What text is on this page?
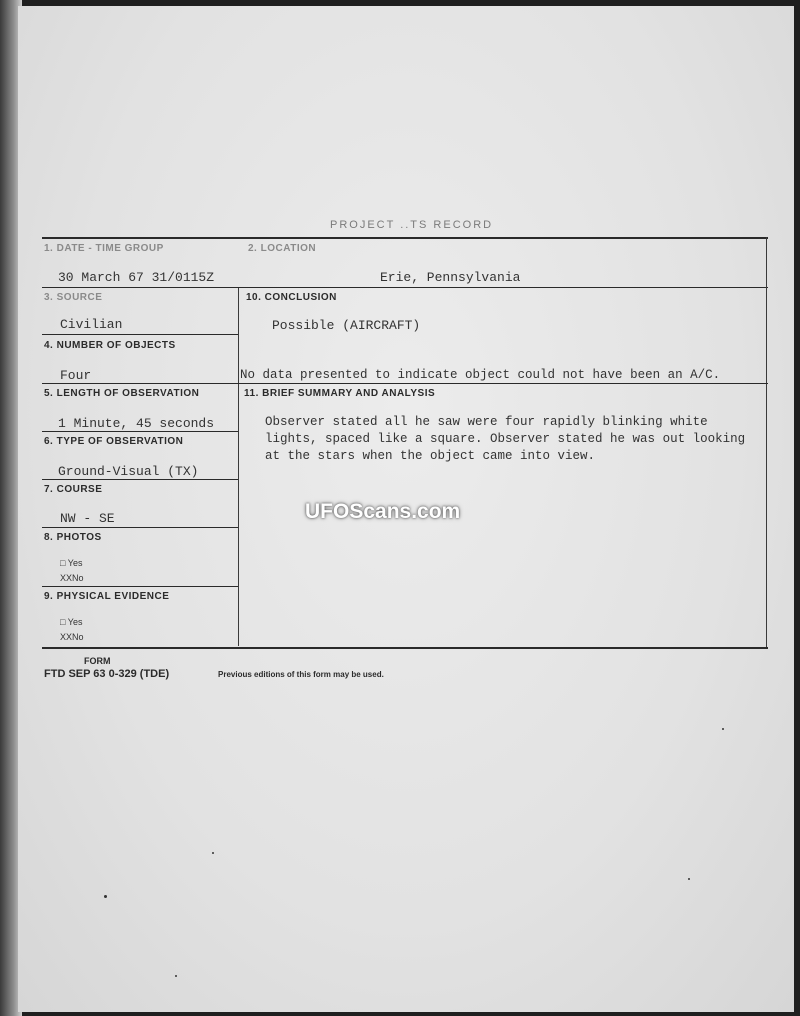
PROJECT ..TS RECORD
1. DATE - TIME GROUP	2. LOCATION
30 March 67 31/0115Z	Erie, Pennsylvania
3. SOURCE
Civilian
10. CONCLUSION
Possible (AIRCRAFT)
No data presented to indicate object could not have been an A/C.
4. NUMBER OF OBJECTS
Four
5. LENGTH OF OBSERVATION
1 Minute, 45 seconds
11. BRIEF SUMMARY AND ANALYSIS
Observer stated all he saw were four rapidly blinking white lights, spaced like a square. Observer stated he was out looking at the stars when the object came into view.
6. TYPE OF OBSERVATION
Ground-Visual (TX)
7. COURSE
NW - SE
8. PHOTOS
□ Yes
XXNo
9. PHYSICAL EVIDENCE
□ Yes
XXNo
FORM
FTD SEP 63 0-329 (TDE)	Previous editions of this form may be used.
UFOScans.com
